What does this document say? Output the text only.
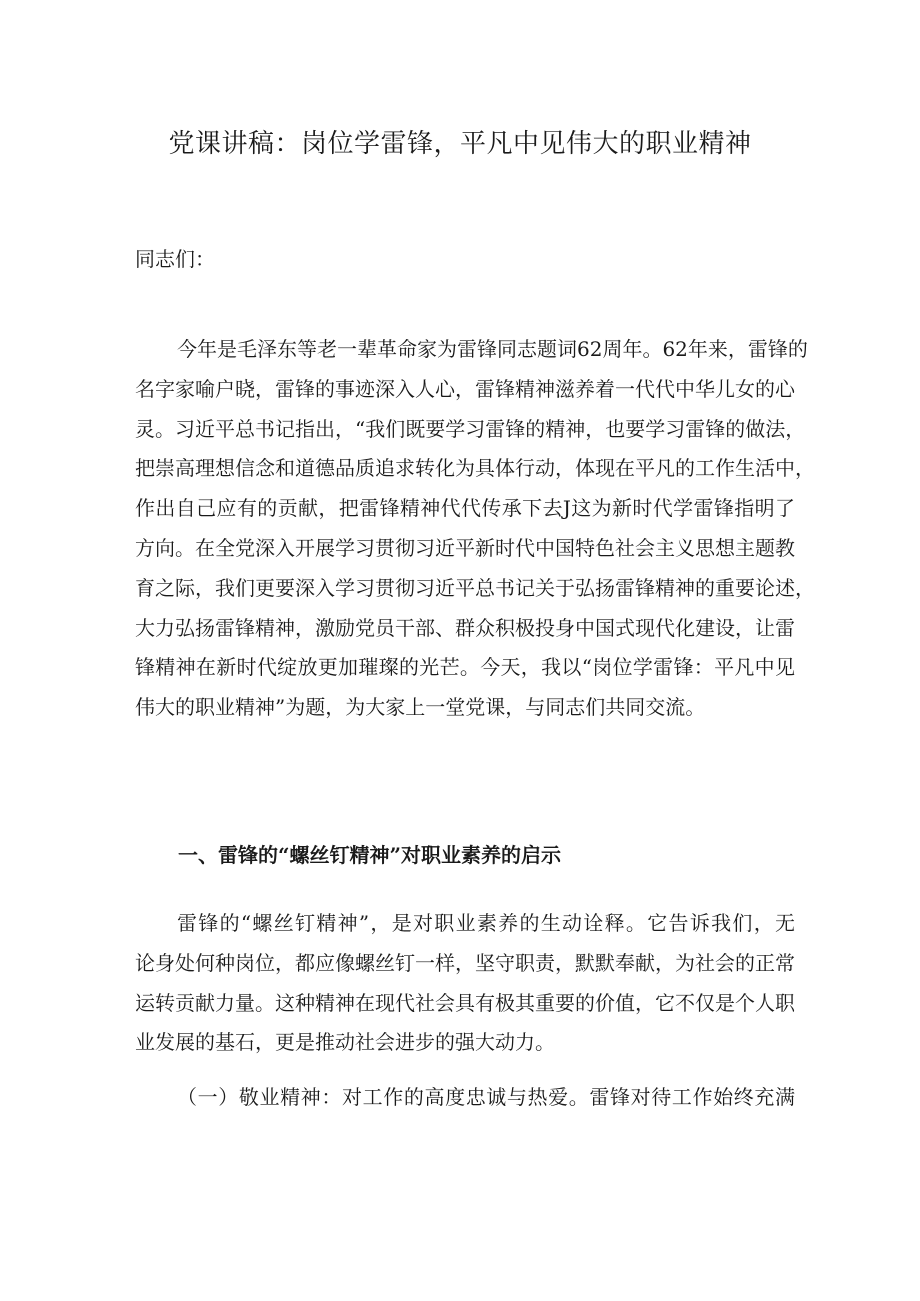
党课讲稿：岗位学雷锋，平凡中见伟大的职业精神
同志们：
今年是毛泽东等老一辈革命家为雷锋同志题词62周年。62年来，雷锋的
名字家喻户晓，雷锋的事迹深入人心，雷锋精神滋养着一代代中华儿女的心
灵。习近平总书记指出，“我们既要学习雷锋的精神，也要学习雷锋的做法，
把崇高理想信念和道德品质追求转化为具体行动，体现在平凡的工作生活中，
作出自己应有的贡献，把雷锋精神代代传承下去J这为新时代学雷锋指明了
方向。在全党深入开展学习贯彻习近平新时代中国特色社会主义思想主题教
育之际，我们更要深入学习贯彻习近平总书记关于弘扬雷锋精神的重要论述，
大力弘扬雷锋精神，激励党员干部、群众积极投身中国式现代化建设，让雷
锋精神在新时代绽放更加璀璨的光芒。今天，我以“岗位学雷锋：平凡中见
伟大的职业精神”为题，为大家上一堂党课，与同志们共同交流。
一、雷锋的“螺丝钉精神”对职业素养的启示
雷锋的“螺丝钉精神”，是对职业素养的生动诠释。它告诉我们，无
论身处何种岗位，都应像螺丝钉一样，坚守职责，默默奉献，为社会的正常
运转贡献力量。这种精神在现代社会具有极其重要的价值，它不仅是个人职
业发展的基石，更是推动社会进步的强大动力。
（一）敬业精神：对工作的高度忠诚与热爱。雷锋对待工作始终充满
